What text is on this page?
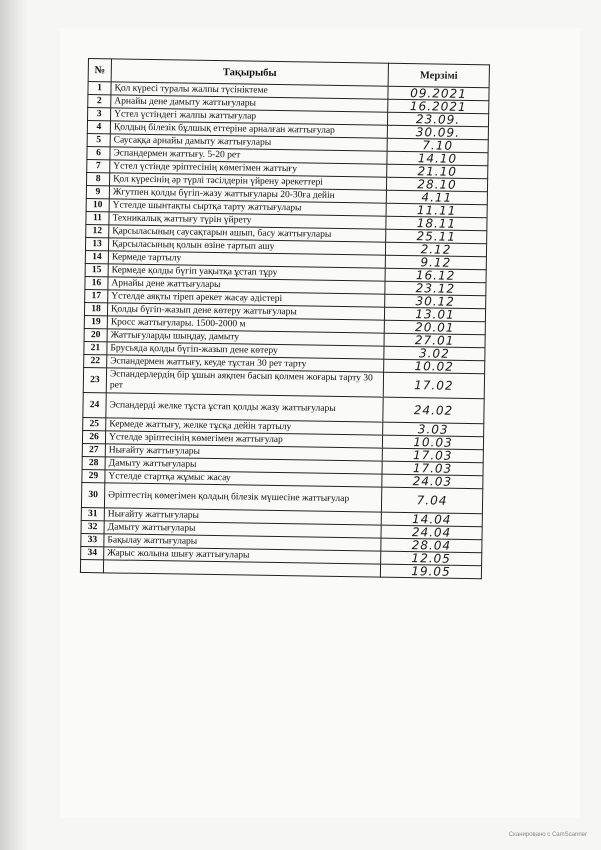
№	Тақырыбы	Мерзімі
1	Қол күресі туралы жалпы түсініктеме	09.2021
2	Арнайы дене дамыту жаттығулары	16.2021
3	Үстел үстіндегі жалпы жаттығулар	23.09.
4	Қолдың білезік бұлшық еттеріне арналған жаттығулар	30.09.
5	Саусаққа арнайы дамыту жаттығулары	7.10
6	Эспандермен жаттығу. 5-20 рет	14.10
7	Үстел үстінде эріптесінің көмегімен жаттығу	21.10
8	Қол күресінің әр түрлі тәсілдерін үйрену әрекеттері	28.10
9	Жгутпен қолды бүгіп-жазу жаттығулары 20-30ға дейін	4.11
10	Үстелде шынтақты сыртқа тарту жаттығулары	11.11
11	Техникалық жаттығу түрін үйрету	18.11
12	Қарсыласының саусақтарын ашып, басу жаттығулары	25.11
13	Қарсыласының қолын өзіне тартып ашу	2.12
14	Кермеде тартылу	9.12
15	Кермеде қолды бүгіп уақытқа ұстап тұру	16.12
16	Арнайы дене жаттығулары	23.12
17	Үстелде аяқты тіреп әрекет жасау әдістері	30.12
18	Қолды бүгіп-жазып дене көтеру жаттығулары	13.01
19	Кросс жаттығулары. 1500-2000 м	20.01
20	Жаттығуларды шыңдау, дамыту	27.01
21	Брусьяда қолды бүгіп-жазып дене көтеру	3.02
22	Эспандермен жаттығу, кеуде тұстан 30 рет тарту	10.02
23	Эспандерлердің бір ұшын аяқпен басып қолмен жоғары тарту 30 рет	17.02
24	Эспандерді желке тұста ұстап қолды жазу жаттығулары	24.02
25	Кермеде жаттығу, желке тұсқа дейін тартылу	3.03
26	Үстелде эріптесінің көмегімен жаттығулар	10.03
27	Нығайту жаттығулары	17.03
28	Дамыту жаттығулары	17.03
29	Үстелде стартқа жұмыс жасау	24.03
30	Әріптестің көмегімен қолдың білезік мүшесіне жаттығулар	7.04
31	Нығайту жаттығулары	14.04
32	Дамыту жаттығулары	24.04
33	Бақылау жаттығулары	28.04
34	Жарыс жолына шығу жаттығулары	12.05
		19.05
Сканировано с CamScanner
